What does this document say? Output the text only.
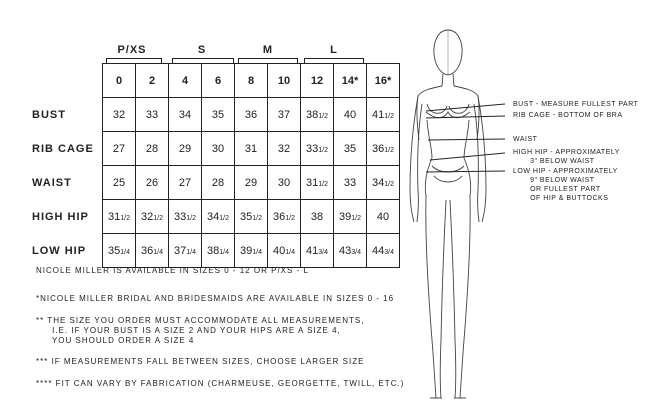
P/XS	S	M	L
	0	2	4	6	8	10	12	14*	16*
BUST	32	33	34	35	36	37	381/2	40	411/2
RIB CAGE	27	28	29	30	31	32	331/2	35	361/2
WAIST	25	26	27	28	29	30	311/2	33	341/2
HIGH HIP	311/2	321/2	331/2	341/2	351/2	361/2	38	391/2	40
LOW HIP	351/4	361/4	371/4	381/4	391/4	401/4	413/4	433/4	443/4
NICOLE MILLER IS AVAILABLE IN SIZES 0 - 12 OR P/XS - L
*NICOLE MILLER BRIDAL AND BRIDESMAIDS ARE AVAILABLE IN SIZES 0 - 16
** THE SIZE YOU ORDER MUST ACCOMMODATE ALL MEASUREMENTS,
I.E. IF YOUR BUST IS A SIZE 2 AND YOUR HIPS ARE A SIZE 4,
YOU SHOULD ORDER A SIZE 4
*** IF MEASUREMENTS FALL BETWEEN SIZES, CHOOSE LARGER SIZE
**** FIT CAN VARY BY FABRICATION (CHARMEUSE, GEORGETTE, TWILL, ETC.)
BUST - MEASURE FULLEST PART
RIB CAGE - BOTTOM OF BRA
WAIST
HIGH HIP - APPROXIMATELY
3" BELOW WAIST
LOW HIP - APPROXIMATELY
9" BELOW WAIST
OR FULLEST PART
OF HIP & BUTTOCKS
